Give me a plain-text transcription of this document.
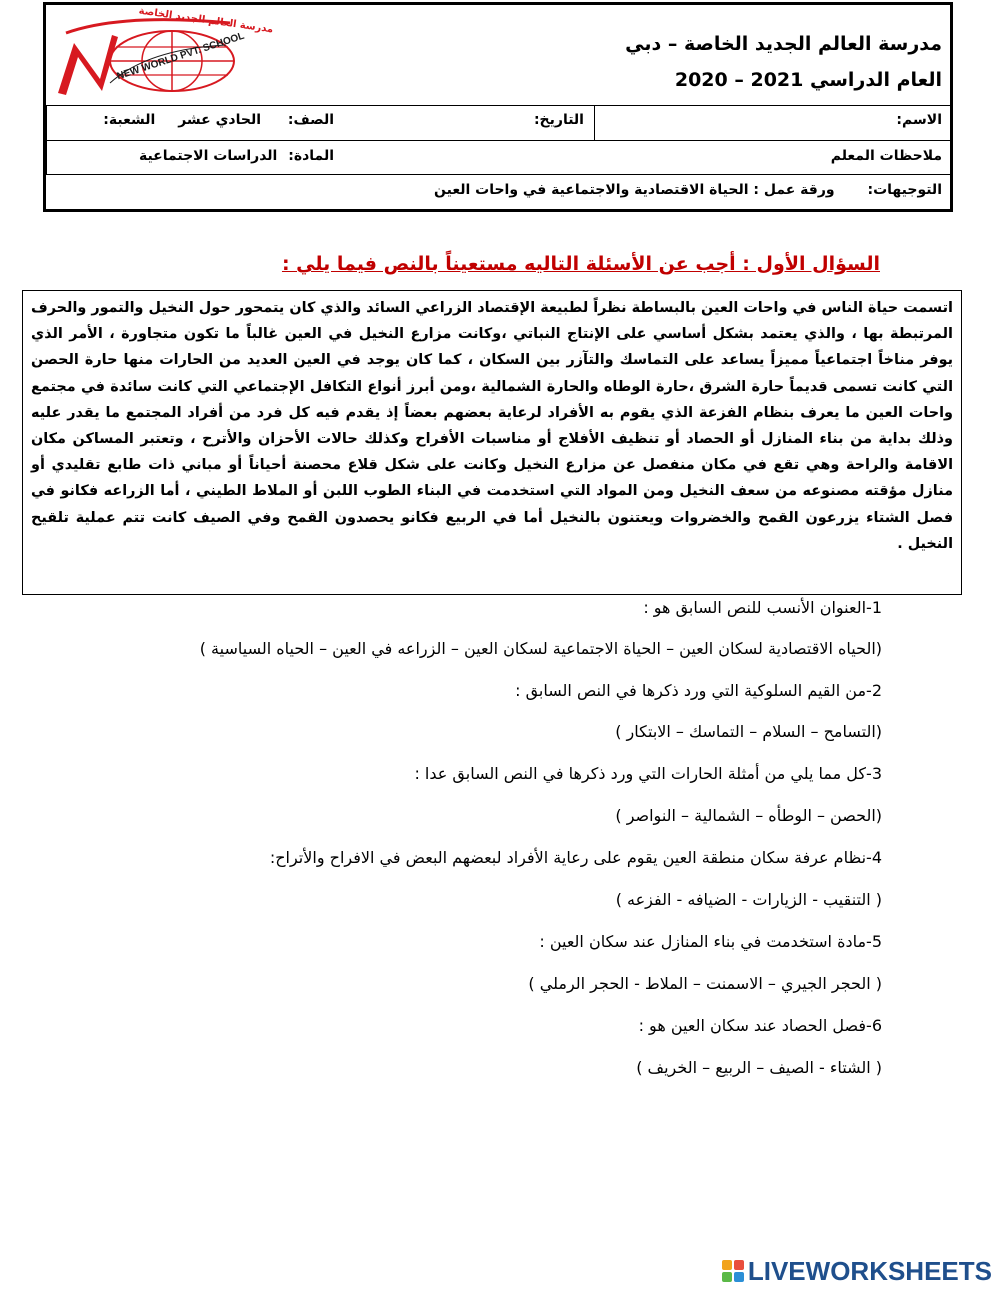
مدرسة العالم الجديد الخاصة
NEW WORLD PVT. SCHOOL	مدرسة العالم الجديد الخاصة – دبي
العام الدراسي 2021 – 2020
الاسم:
التاريخ:
الصف: الحادي عشر الشعبة:
ملاحظات المعلم
المادة: الدراسات الاجتماعية
التوجيهات: ورقة عمل : الحياة الاقتصادية والاجتماعية في واحات العين
السؤال الأول : أجب عن الأسئلة التاليه مستعيناً بالنص فيما يلي :
اتسمت حياة الناس في واحات العين بالبساطة نظراً لطبيعة الإقتصاد الزراعي السائد والذي كان يتمحور حول النخيل والتمور والحرف المرتبطة بها ، والذي يعتمد بشكل أساسي على الإنتاج النباتي ،وكانت مزارع النخيل في العين غالباً ما تكون متجاورة ، الأمر الذي يوفر مناخاً اجتماعياً مميزاً يساعد على التماسك والتآزر بين السكان ، كما كان يوجد في العين العديد من الحارات منها حارة الحصن التي كانت تسمى قديماً حارة الشرق ،حارة الوطاه والحارة الشمالية ،ومن أبرز أنواع التكافل الإجتماعي التي كانت سائدة في مجتمع واحات العين ما يعرف بنظام الفزعة الذي يقوم به الأفراد لرعاية بعضهم بعضاً إذ يقدم فيه كل فرد من أفراد المجتمع ما يقدر عليه وذلك بداية من بناء المنازل أو الحصاد أو تنظيف الأفلاج أو مناسبات الأفراح وكذلك حالات الأحزان والأترح ، وتعتبر المساكن مكان الاقامة والراحة وهي تقع في مكان منفصل عن مزارع النخيل وكانت على شكل قلاع محصنة أحياناً أو مباني ذات طابع تقليدي أو منازل مؤقته مصنوعه من سعف النخيل ومن المواد التي استخدمت في البناء الطوب اللبن أو الملاط الطيني ، أما الزراعه فكانو في فصل الشتاء يزرعون القمح والخضروات ويعتنون بالنخيل أما في الربيع فكانو يحصدون القمح وفي الصيف كانت تتم عملية تلقيح النخيل .
1-العنوان الأنسب للنص السابق هو :
(الحياه الاقتصادية لسكان العين – الحياة الاجتماعية لسكان العين – الزراعه في العين – الحياه السياسية )
2-من القيم السلوكية التي ورد ذكرها في النص السابق :
(التسامح – السلام – التماسك – الابتكار )
3-كل مما يلي من أمثلة الحارات التي ورد ذكرها في النص السابق عدا :
(الحصن – الوطأه – الشمالية – النواصر )
4-نظام عرفة سكان منطقة العين يقوم على رعاية الأفراد لبعضهم البعض في الافراح والأتراح:
( التنقيب - الزيارات - الضيافه - الفزعه )
5-مادة استخدمت في بناء المنازل عند سكان العين :
( الحجر الجيري – الاسمنت – الملاط - الحجر الرملي )
6-فصل الحصاد عند سكان العين هو :
( الشتاء - الصيف – الربيع – الخريف )
LIVEWORKSHEETS
